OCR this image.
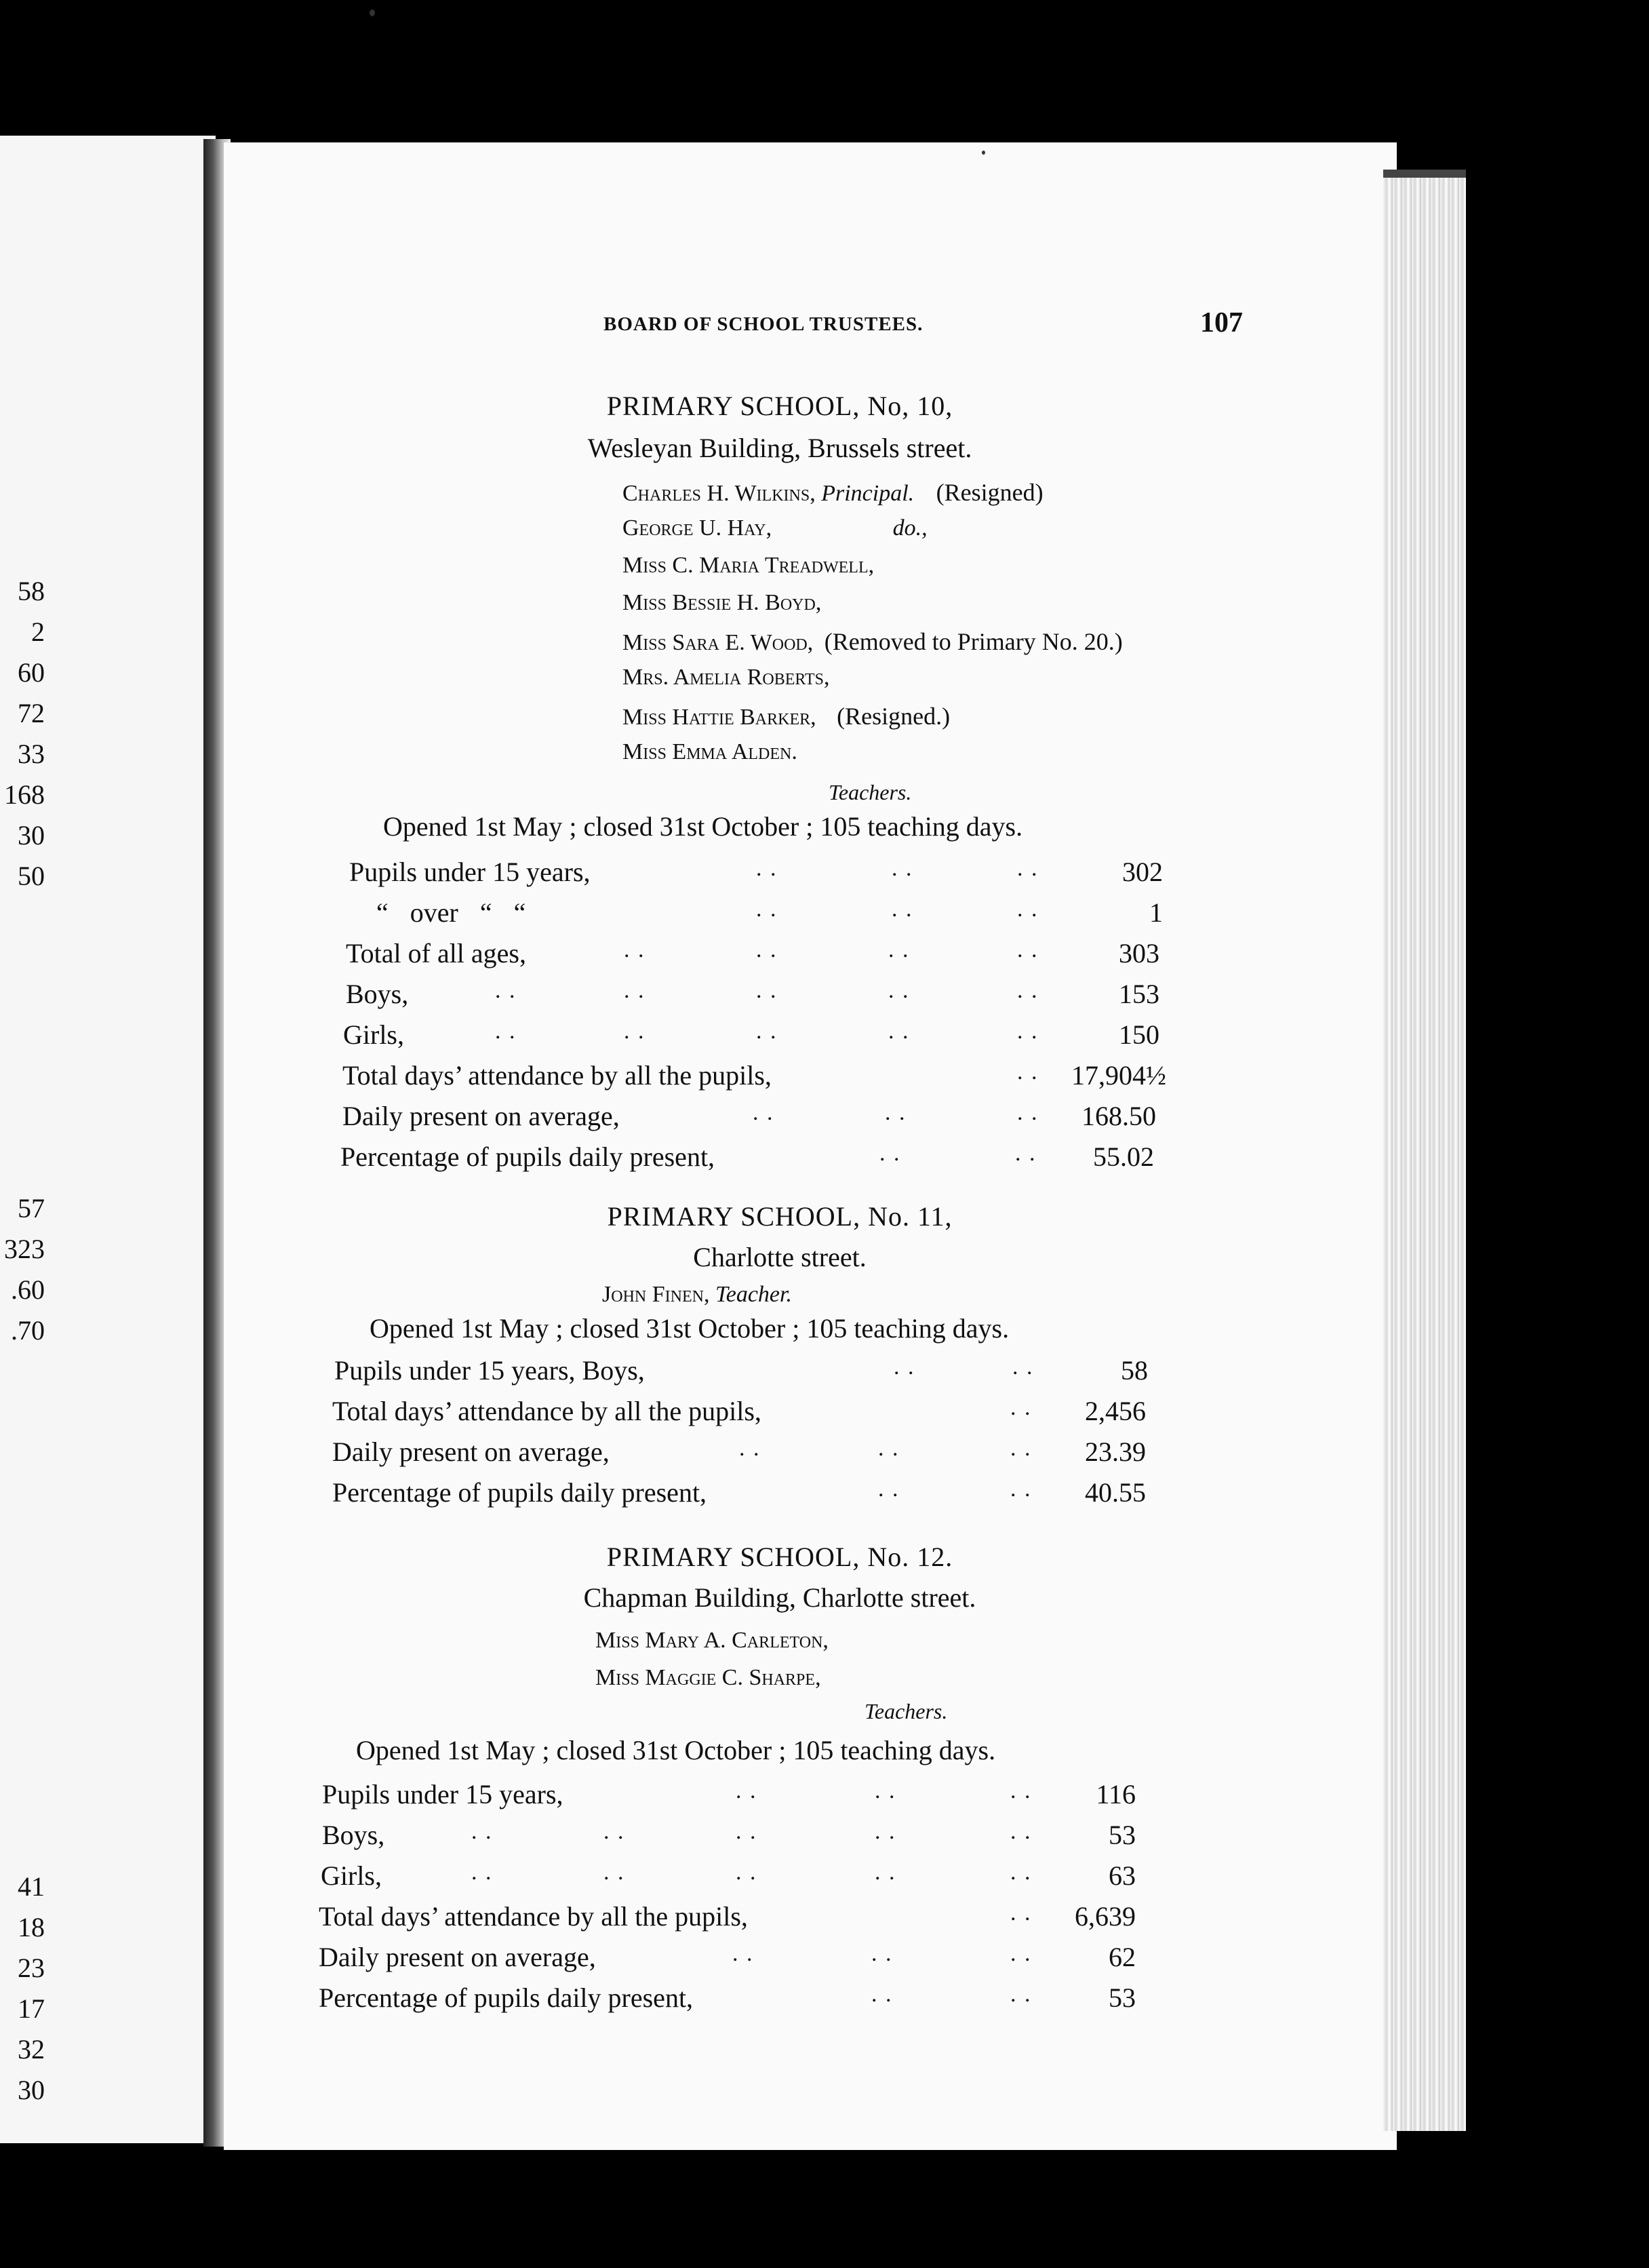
58
2
60
72
33
168
30
50
57
323
.60
.70
41
18
23
17
32
30
BOARD OF SCHOOL TRUSTEES.	107
PRIMARY SCHOOL, No, 10,
Wesleyan Building, Brussels street.
Charles H. Wilkins, Principal. (Resigned)
George U. Hay,	do.,
Miss C. Maria Treadwell,
Miss Bessie H. Boyd,
Miss Sara E. Wood, (Removed to Primary No. 20.)
Mrs. Amelia Roberts,
Miss Hattie Barker, (Resigned.)
Miss Emma Alden.
Teachers.
Opened 1st May ; closed 31st October ; 105 teaching days.
Pupils under 15 years,	. .	. .	. .	302
“ over “ “	. .	. .	. .	1
Total of all ages,	. .	. .	. .	. .	303
Boys,	. .	. .	. .	. .	. .	153
Girls,	. .	. .	. .	. .	. .	150
Total days’ attendance by all the pupils,	. .	17,904½
Daily present on average,	. .	. .	. .	168.50
Percentage of pupils daily present,	. .	. .	55.02
PRIMARY SCHOOL, No. 11,
Charlotte street.
John Finen, Teacher.
Opened 1st May ; closed 31st October ; 105 teaching days.
Pupils under 15 years, Boys,	. .	. .	58
Total days’ attendance by all the pupils,	. .	2,456
Daily present on average,	. .	. .	. .	23.39
Percentage of pupils daily present,	. .	. .	40.55
PRIMARY SCHOOL, No. 12.
Chapman Building, Charlotte street.
Miss Mary A. Carleton,
Miss Maggie C. Sharpe,
Teachers.
Opened 1st May ; closed 31st October ; 105 teaching days.
Pupils under 15 years,	. .	. .	. .	116
Boys,	. .	. .	. .	. .	. .	53
Girls,	. .	. .	. .	. .	. .	63
Total days’ attendance by all the pupils,	. .	6,639
Daily present on average,	. .	. .	. .	62
Percentage of pupils daily present,	. .	. .	53
